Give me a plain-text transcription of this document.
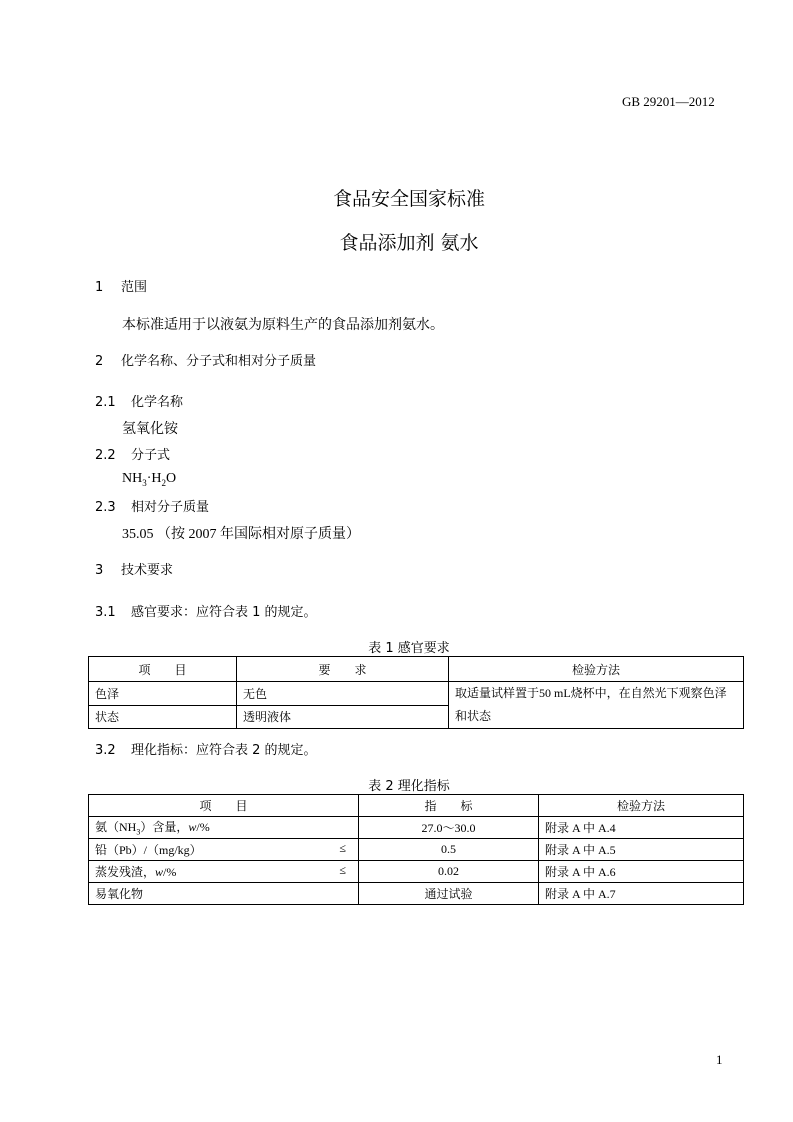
GB 29201—2012
食品安全国家标准
食品添加剂 氨水
1 范围
本标准适用于以液氨为原料生产的食品添加剂氨水。
2 化学名称、分子式和相对分子质量
2.1 化学名称
氢氧化铵
2.2 分子式
$NH_3\cdot H_2O$
2.3 相对分子质量
35.05 （按 2007 年国际相对原子质量）
3 技术要求
3.1 感官要求：应符合表 1 的规定。
表 1 感官要求
项　　目	要　　求	检验方法
色泽	无色	取适量试样置于50 mL烧杯中，在自然光下观察色泽和状态
状态	透明液体	
3.2 理化指标：应符合表 2 的规定。
表 2 理化指标
项　　目	指　　标	检验方法
氨$(NH_3)$含量，w/%	27.0～30.0	附录 A 中 A.4
铅（Pb）/（mg/kg） ≤	0.5	附录 A 中 A.5
蒸发残渣，w/% ≤	0.02	附录 A 中 A.6
易氧化物	通过试验	附录 A 中 A.7
1
